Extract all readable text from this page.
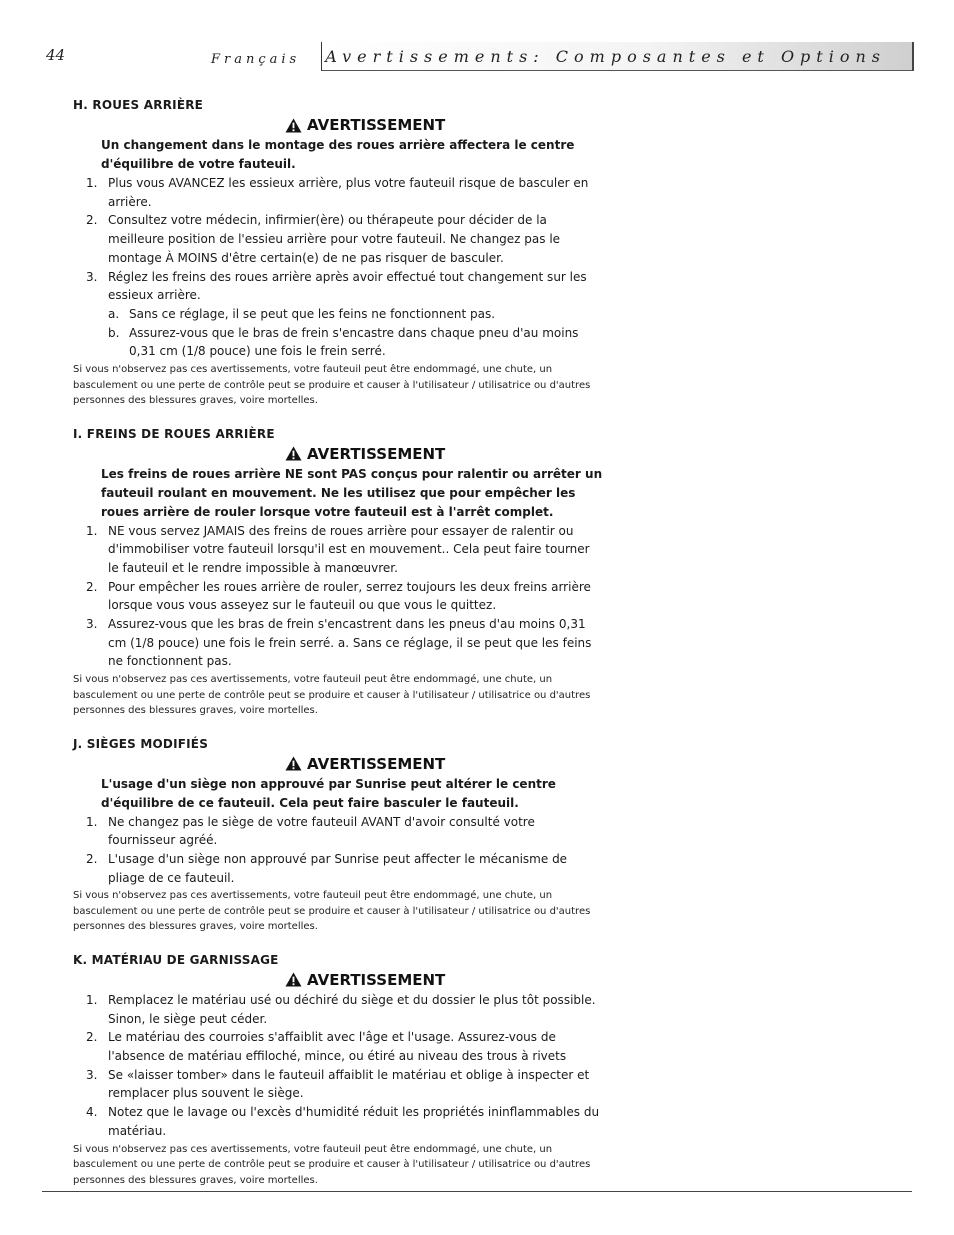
44	Français Avertissements: Composantes et Options
H. ROUES ARRIÈRE
AVERTISSEMENT
Un changement dans le montage des roues arrière affectera le centre d'équilibre de votre fauteuil.
1. Plus vous AVANCEZ les essieux arrière, plus votre fauteuil risque de basculer en arrière.
2. Consultez votre médecin, infirmier(ère) ou thérapeute pour décider de la meilleure position de l'essieu arrière pour votre fauteuil. Ne changez pas le montage À MOINS d'être certain(e) de ne pas risquer de basculer.
3. Réglez les freins des roues arrière après avoir effectué tout changement sur les essieux arrière.
a. Sans ce réglage, il se peut que les feins ne fonctionnent pas.
b. Assurez-vous que le bras de frein s'encastre dans chaque pneu d'au moins 0,31 cm (1/8 pouce) une fois le frein serré.
Si vous n'observez pas ces avertissements, votre fauteuil peut être endommagé, une chute, un basculement ou une perte de contrôle peut se produire et causer à l'utilisateur / utilisatrice ou d'autres personnes des blessures graves, voire mortelles.
I. FREINS DE ROUES ARRIÈRE
AVERTISSEMENT
Les freins de roues arrière NE sont PAS conçus pour ralentir ou arrêter un fauteuil roulant en mouvement. Ne les utilisez que pour empêcher les roues arrière de rouler lorsque votre fauteuil est à l'arrêt complet.
1. NE vous servez JAMAIS des freins de roues arrière pour essayer de ralentir ou d'immobiliser votre fauteuil lorsqu'il est en mouvement.. Cela peut faire tourner le fauteuil et le rendre impossible à manœuvrer.
2. Pour empêcher les roues arrière de rouler, serrez toujours les deux freins arrière lorsque vous vous asseyez sur le fauteuil ou que vous le quittez.
3. Assurez-vous que les bras de frein s'encastrent dans les pneus d'au moins 0,31 cm (1/8 pouce) une fois le frein serré. a. Sans ce réglage, il se peut que les feins ne fonctionnent pas.
Si vous n'observez pas ces avertissements, votre fauteuil peut être endommagé, une chute, un basculement ou une perte de contrôle peut se produire et causer à l'utilisateur / utilisatrice ou d'autres personnes des blessures graves, voire mortelles.
J. SIÈGES MODIFIÉS
AVERTISSEMENT
L'usage d'un siège non approuvé par Sunrise peut altérer le centre d'équilibre de ce fauteuil. Cela peut faire basculer le fauteuil.
1. Ne changez pas le siège de votre fauteuil AVANT d'avoir consulté votre fournisseur agréé.
2. L'usage d'un siège non approuvé par Sunrise peut affecter le mécanisme de pliage de ce fauteuil.
Si vous n'observez pas ces avertissements, votre fauteuil peut être endommagé, une chute, un basculement ou une perte de contrôle peut se produire et causer à l'utilisateur / utilisatrice ou d'autres personnes des blessures graves, voire mortelles.
K. MATÉRIAU DE GARNISSAGE
AVERTISSEMENT
1. Remplacez le matériau usé ou déchiré du siège et du dossier le plus tôt possible. Sinon, le siège peut céder.
2. Le matériau des courroies s'affaiblit avec l'âge et l'usage. Assurez-vous de l'absence de matériau effiloché, mince, ou étiré au niveau des trous à rivets
3. Se «laisser tomber» dans le fauteuil affaiblit le matériau et oblige à inspecter et remplacer plus souvent le siège.
4. Notez que le lavage ou l'excès d'humidité réduit les propriétés ininflammables du matériau.
Si vous n'observez pas ces avertissements, votre fauteuil peut être endommagé, une chute, un basculement ou une perte de contrôle peut se produire et causer à l'utilisateur / utilisatrice ou d'autres personnes des blessures graves, voire mortelles.
